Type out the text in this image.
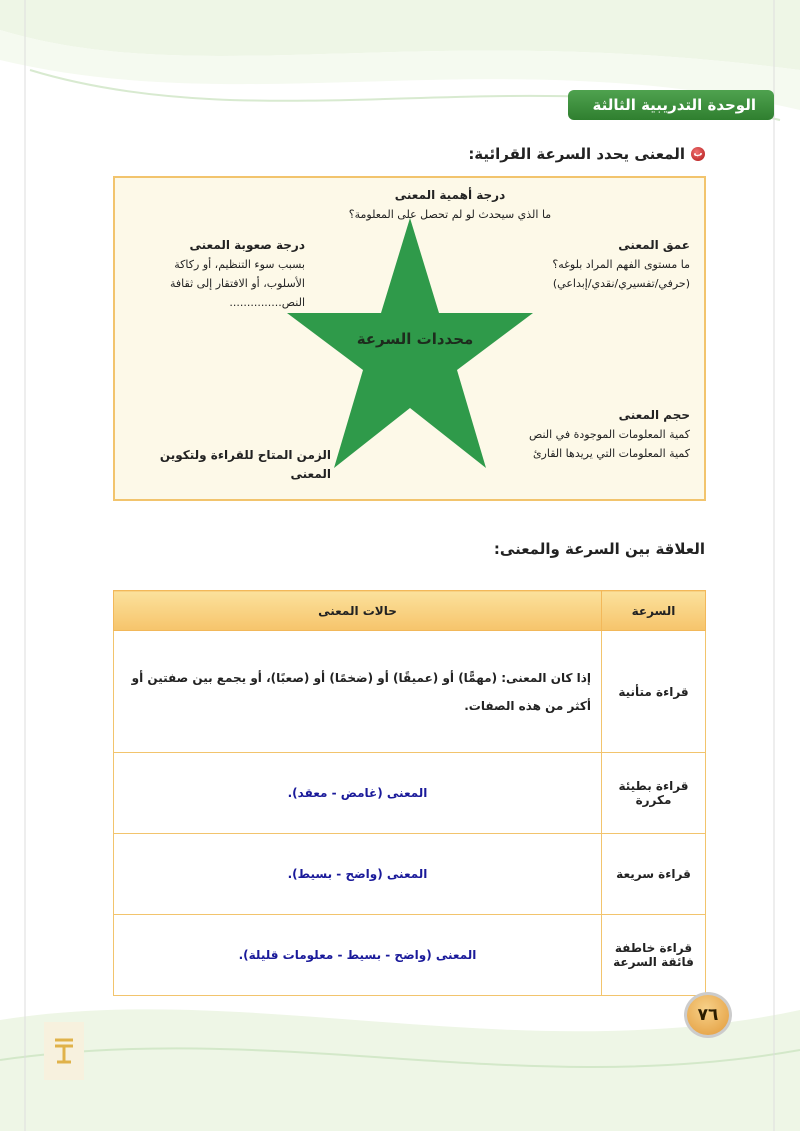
الوحدة التدريبية الثالثة
ب
المعنى يحدد السرعة القرائية:
محددات السرعة
درجة أهمية المعنى
ما الذي سيحدث لو لم تحصل على المعلومة؟
عمق المعنى
ما مستوى الفهم المراد بلوغه؟
(حرفي/تفسيري/نقدي/إبداعي)
درجة صعوبة المعنى
بسبب سوء التنظيم، أو ركاكة
الأسلوب، أو الافتقار إلى ثقافة
النص...............
حجم المعنى
كمية المعلومات الموجودة في النص
كمية المعلومات التي يريدها القارئ
الزمن المتاح للقراءة ولتكوين المعنى
العلاقة بين السرعة والمعنى:
السرعة	حالات المعنى
قراءة متأنية	إذا كان المعنى: (مهمًّا) أو (عميقًا) أو (ضخمًا) أو (صعبًا)، أو يجمع بين صفتين أو أكثر من هذه الصفات.
قراءة بطيئة مكررة	المعنى (غامض - معقد).
قراءة سريعة	المعنى (واضح - بسيط).

قراءة خاطفة
فائقة السرعة	المعنى (واضح - بسيط - معلومات قليلة).
٧٦
